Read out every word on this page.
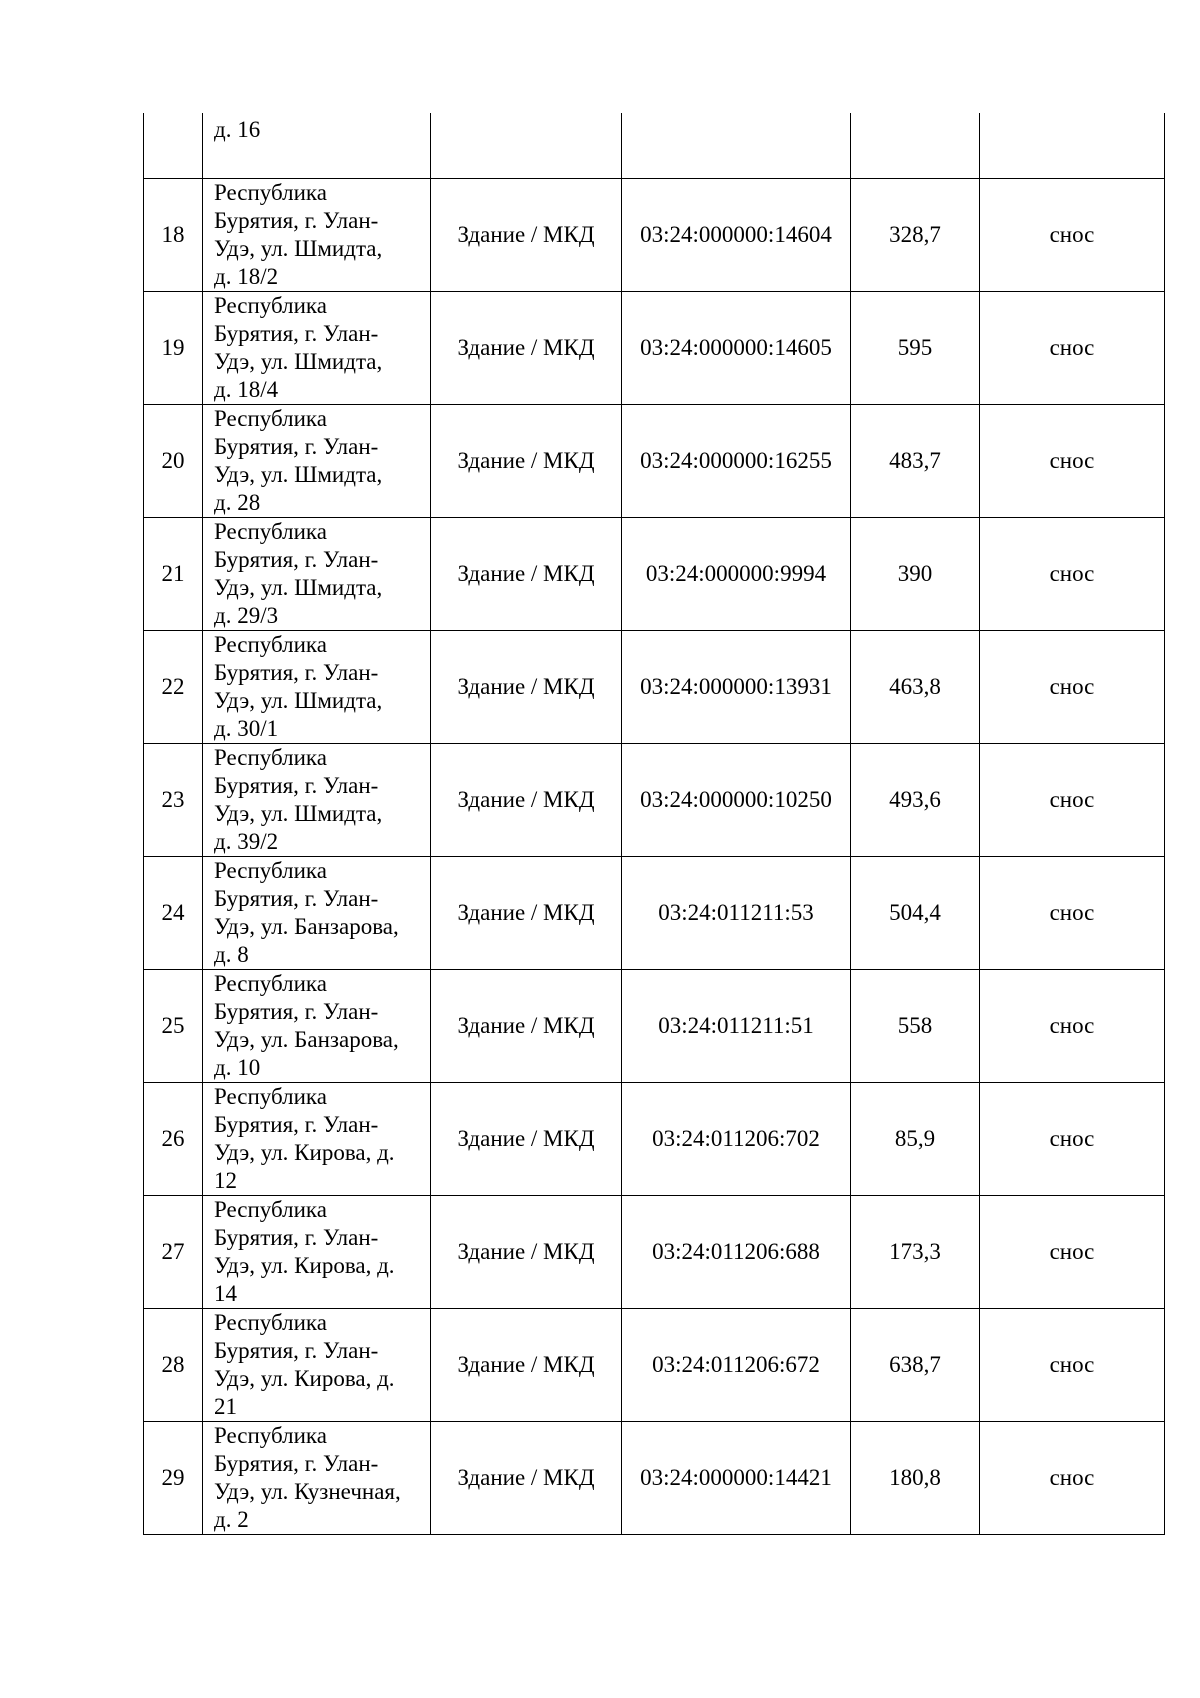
	д. 16				

18	Республика
Бурятия, г. Улан-
Удэ, ул. Шмидта,
д. 18/2	Здание / МКД	03:24:000000:14604	328,7	снос
19	Республика
Бурятия, г. Улан-
Удэ, ул. Шмидта,
д. 18/4	Здание / МКД	03:24:000000:14605	595	снос
20	Республика
Бурятия, г. Улан-
Удэ, ул. Шмидта,
д. 28	Здание / МКД	03:24:000000:16255	483,7	снос
21	Республика
Бурятия, г. Улан-
Удэ, ул. Шмидта,
д. 29/3	Здание / МКД	03:24:000000:9994	390	снос
22	Республика
Бурятия, г. Улан-
Удэ, ул. Шмидта,
д. 30/1	Здание / МКД	03:24:000000:13931	463,8	снос
23	Республика
Бурятия, г. Улан-
Удэ, ул. Шмидта,
д. 39/2	Здание / МКД	03:24:000000:10250	493,6	снос
24	Республика
Бурятия, г. Улан-
Удэ, ул. Банзарова,
д. 8	Здание / МКД	03:24:011211:53	504,4	снос
25	Республика
Бурятия, г. Улан-
Удэ, ул. Банзарова,
д. 10	Здание / МКД	03:24:011211:51	558	снос
26	Республика
Бурятия, г. Улан-
Удэ, ул. Кирова, д.
12	Здание / МКД	03:24:011206:702	85,9	снос
27	Республика
Бурятия, г. Улан-
Удэ, ул. Кирова, д.
14	Здание / МКД	03:24:011206:688	173,3	снос
28	Республика
Бурятия, г. Улан-
Удэ, ул. Кирова, д.
21	Здание / МКД	03:24:011206:672	638,7	снос
29	Республика
Бурятия, г. Улан-
Удэ, ул. Кузнечная,
д. 2	Здание / МКД	03:24:000000:14421	180,8	снос
